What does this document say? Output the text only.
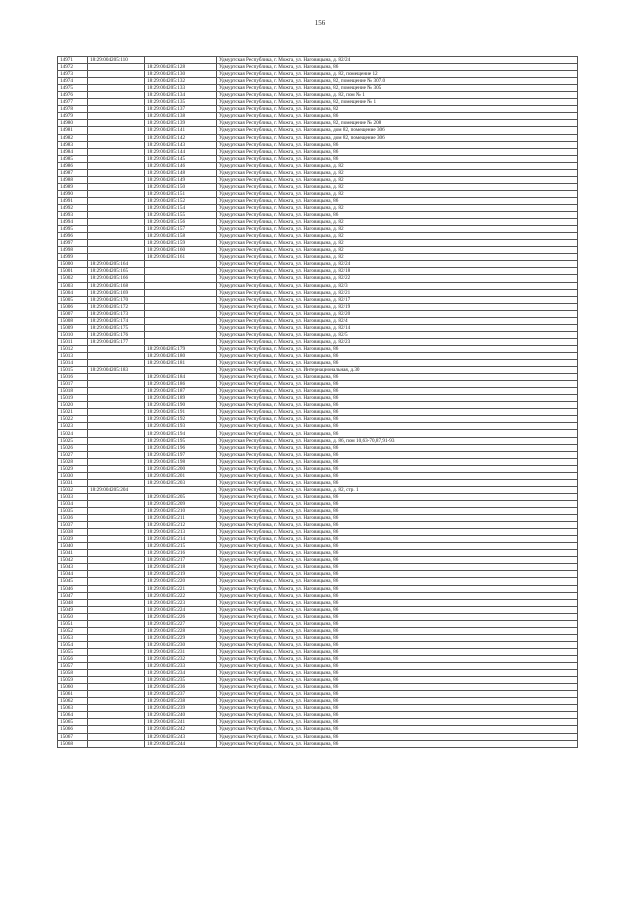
156
14971	18:29:004205:110		Удмуртская Республика, г. Можга, ул. Наговицына, д. 82/24
14972		18:29:004205:128	Удмуртская Республика, г. Можга, ул. Наговицына, 86
14973		18:29:004205:130	Удмуртская Республика, г. Можга, ул. Наговицына, д. 82, помещение 12
14974		18:29:004205:132	Удмуртская Республика, г. Можга, ул. Наговицына, 82, помещение № 307.0
14975		18:29:004205:133	Удмуртская Республика, г. Можга, ул. Наговицына, 82, помещение № 305
14976		18:29:004205:134	Удмуртская Республика, г. Можга, ул. Наговицына, д. 82, пом № 1
14977		18:29:004205:135	Удмуртская Республика, г. Можга, ул. Наговицына, 82, помещение № 1
14978		18:29:004205:137	Удмуртская Республика, г. Можга, ул. Наговицына, 82
14979		18:29:004205:138	Удмуртская Республика, г. Можга, ул. Наговицына, 86
14980		18:29:004205:139	Удмуртская Республика, г. Можга, ул. Наговицына, 82, помещение № 208
14981		18:29:004205:141	Удмуртская Республика, г. Можга, ул. Наговицына, дом 82, помещение 306
14982		18:29:004205:142	Удмуртская Республика, г. Можга, ул. Наговицына, дом 82, помещение 306
14983		18:29:004205:143	Удмуртская Республика, г. Можга, ул. Наговицына, 86
14984		18:29:004205:144	Удмуртская Республика, г. Можга, ул. Наговицына, 86
14985		18:29:004205:145	Удмуртская Республика, г. Можга, ул. Наговицына, 86
14986		18:29:004205:146	Удмуртская Республика, г. Можга, ул. Наговицына, д. 82
14987		18:29:004205:148	Удмуртская Республика, г. Можга, ул. Наговицына, д. 82
14988		18:29:004205:149	Удмуртская Республика, г. Можга, ул. Наговицына, д. 82
14989		18:29:004205:150	Удмуртская Республика, г. Можга, ул. Наговицына, д. 82
14990		18:29:004205:151	Удмуртская Республика, г. Можга, ул. Наговицына, д. 82
14991		18:29:004205:152	Удмуртская Республика, г. Можга, ул. Наговицына, 86
14992		18:29:004205:154	Удмуртская Республика, г. Можга, ул. Наговицына, д. 82
14993		18:29:004205:155	Удмуртская Республика, г. Можга, ул. Наговицына, 86
14994		18:29:004205:156	Удмуртская Республика, г. Можга, ул. Наговицына, д. 82
14995		18:29:004205:157	Удмуртская Республика, г. Можга, ул. Наговицына, д. 82
14996		18:29:004205:158	Удмуртская Республика, г. Можга, ул. Наговицына, д. 82
14997		18:29:004205:159	Удмуртская Республика, г. Можга, ул. Наговицына, д. 82
14998		18:29:004205:160	Удмуртская Республика, г. Можга, ул. Наговицына, д. 82
14999		18:29:004205:161	Удмуртская Республика, г. Можга, ул. Наговицына, д. 82
15000	18:29:004205:164		Удмуртская Республика, г. Можга, ул. Наговицына, д. 82/24
15001	18:29:004205:165		Удмуртская Республика, г. Можга, ул. Наговицына, д. 82/18
15002	18:29:004205:166		Удмуртская Республика, г. Можга, ул. Наговицына, д. 82/22
15003	18:29:004205:168		Удмуртская Республика, г. Можга, ул. Наговицына, д. 82/3
15004	18:29:004205:169		Удмуртская Республика, г. Можга, ул. Наговицына, д. 82/21
15005	18:29:004205:170		Удмуртская Республика, г. Можга, ул. Наговицына, д. 82/17
15006	18:29:004205:172		Удмуртская Республика, г. Можга, ул. Наговицына, д. 82/19
15007	18:29:004205:173		Удмуртская Республика, г. Можга, ул. Наговицына, д. 82/20
15008	18:29:004205:174		Удмуртская Республика, г. Можга, ул. Наговицына, д. 82/4
15009	18:29:004205:175		Удмуртская Республика, г. Можга, ул. Наговицына, д. 82/14
15010	18:29:004205:176		Удмуртская Республика, г. Можга, ул. Наговицына, д. 82/5
15011	18:29:004205:177		Удмуртская Республика, г. Можга, ул. Наговицына, д. 82/23
15012		18:29:004205:179	Удмуртская Республика, г. Можга, ул. Наговицына, 86
15013		18:29:004205:180	Удмуртская Республика, г. Можга, ул. Наговицына, 86
15014		18:29:004205:181	Удмуртская Республика, г. Можга, ул. Наговицына, 86
15015	18:29:004205:183		Удмуртская Республика, г. Можга, ул. Интернациональная, д.30
15016		18:29:004205:184	Удмуртская Республика, г. Можга, ул. Наговицына, 86
15017		18:29:004205:186	Удмуртская Республика, г. Можга, ул. Наговицына, 86
15018		18:29:004205:187	Удмуртская Республика, г. Можга, ул. Наговицына, 86
15019		18:29:004205:189	Удмуртская Республика, г. Можга, ул. Наговицына, 86
15020		18:29:004205:190	Удмуртская Республика, г. Можга, ул. Наговицына, 86
15021		18:29:004205:191	Удмуртская Республика, г. Можга, ул. Наговицына, 86
15022		18:29:004205:192	Удмуртская Республика, г. Можга, ул. Наговицына, 86
15023		18:29:004205:193	Удмуртская Республика, г. Можга, ул. Наговицына, 86
15024		18:29:004205:194	Удмуртская Республика, г. Можга, ул. Наговицына, 86
15025		18:29:004205:195	Удмуртская Республика, г. Можга, ул. Наговицына, д. 86, пом 10,63-70,87,91-93
15026		18:29:004205:196	Удмуртская Республика, г. Можга, ул. Наговицына, 86
15027		18:29:004205:197	Удмуртская Республика, г. Можга, ул. Наговицына, 86
15028		18:29:004205:198	Удмуртская Республика, г. Можга, ул. Наговицына, 86
15029		18:29:004205:200	Удмуртская Республика, г. Можга, ул. Наговицына, 86
15030		18:29:004205:201	Удмуртская Республика, г. Можга, ул. Наговицына, 86
15031		18:29:004205:203	Удмуртская Республика, г. Можга, ул. Наговицына, 86
15032	18:29:004205:204		Удмуртская Республика, г. Можга, ул. Наговицына, д. 82, стр. 1
15033		18:29:004205:205	Удмуртская Республика, г. Можга, ул. Наговицына, 86
15034		18:29:004205:209	Удмуртская Республика, г. Можга, ул. Наговицына, 86
15035		18:29:004205:210	Удмуртская Республика, г. Можга, ул. Наговицына, 86
15036		18:29:004205:211	Удмуртская Республика, г. Можга, ул. Наговицына, 86
15037		18:29:004205:212	Удмуртская Республика, г. Можга, ул. Наговицына, 86
15038		18:29:004205:213	Удмуртская Республика, г. Можга, ул. Наговицына, 86
15039		18:29:004205:214	Удмуртская Республика, г. Можга, ул. Наговицына, 86
15040		18:29:004205:215	Удмуртская Республика, г. Можга, ул. Наговицына, 86
15041		18:29:004205:216	Удмуртская Республика, г. Можга, ул. Наговицына, 86
15042		18:29:004205:217	Удмуртская Республика, г. Можга, ул. Наговицына, 86
15043		18:29:004205:218	Удмуртская Республика, г. Можга, ул. Наговицына, 86
15044		18:29:004205:219	Удмуртская Республика, г. Можга, ул. Наговицына, 86
15045		18:29:004205:220	Удмуртская Республика, г. Можга, ул. Наговицына, 86
15046		18:29:004205:221	Удмуртская Республика, г. Можга, ул. Наговицына, 86
15047		18:29:004205:222	Удмуртская Республика, г. Можга, ул. Наговицына, 86
15048		18:29:004205:223	Удмуртская Республика, г. Можга, ул. Наговицына, 86
15049		18:29:004205:224	Удмуртская Республика, г. Можга, ул. Наговицына, 86
15050		18:29:004205:226	Удмуртская Республика, г. Можга, ул. Наговицына, 86
15051		18:29:004205:227	Удмуртская Республика, г. Можга, ул. Наговицына, 86
15052		18:29:004205:228	Удмуртская Республика, г. Можга, ул. Наговицына, 86
15053		18:29:004205:229	Удмуртская Республика, г. Можга, ул. Наговицына, 86
15054		18:29:004205:230	Удмуртская Республика, г. Можга, ул. Наговицына, 86
15055		18:29:004205:231	Удмуртская Республика, г. Можга, ул. Наговицына, 86
15056		18:29:004205:232	Удмуртская Республика, г. Можга, ул. Наговицына, 86
15057		18:29:004205:233	Удмуртская Республика, г. Можга, ул. Наговицына, 86
15058		18:29:004205:234	Удмуртская Республика, г. Можга, ул. Наговицына, 86
15059		18:29:004205:235	Удмуртская Республика, г. Можга, ул. Наговицына, 86
15060		18:29:004205:236	Удмуртская Республика, г. Можга, ул. Наговицына, 86
15061		18:29:004205:237	Удмуртская Республика, г. Можга, ул. Наговицына, 86
15062		18:29:004205:238	Удмуртская Республика, г. Можга, ул. Наговицына, 86
15063		18:29:004205:239	Удмуртская Республика, г. Можга, ул. Наговицына, 86
15064		18:29:004205:240	Удмуртская Республика, г. Можга, ул. Наговицына, 86
15065		18:29:004205:241	Удмуртская Республика, г. Можга, ул. Наговицына, 86
15066		18:29:004205:242	Удмуртская Республика, г. Можга, ул. Наговицына, 86
15067		18:29:004205:243	Удмуртская Республика, г. Можга, ул. Наговицына, 86
15068		18:29:004205:244	Удмуртская Республика, г. Можга, ул. Наговицына, 86
